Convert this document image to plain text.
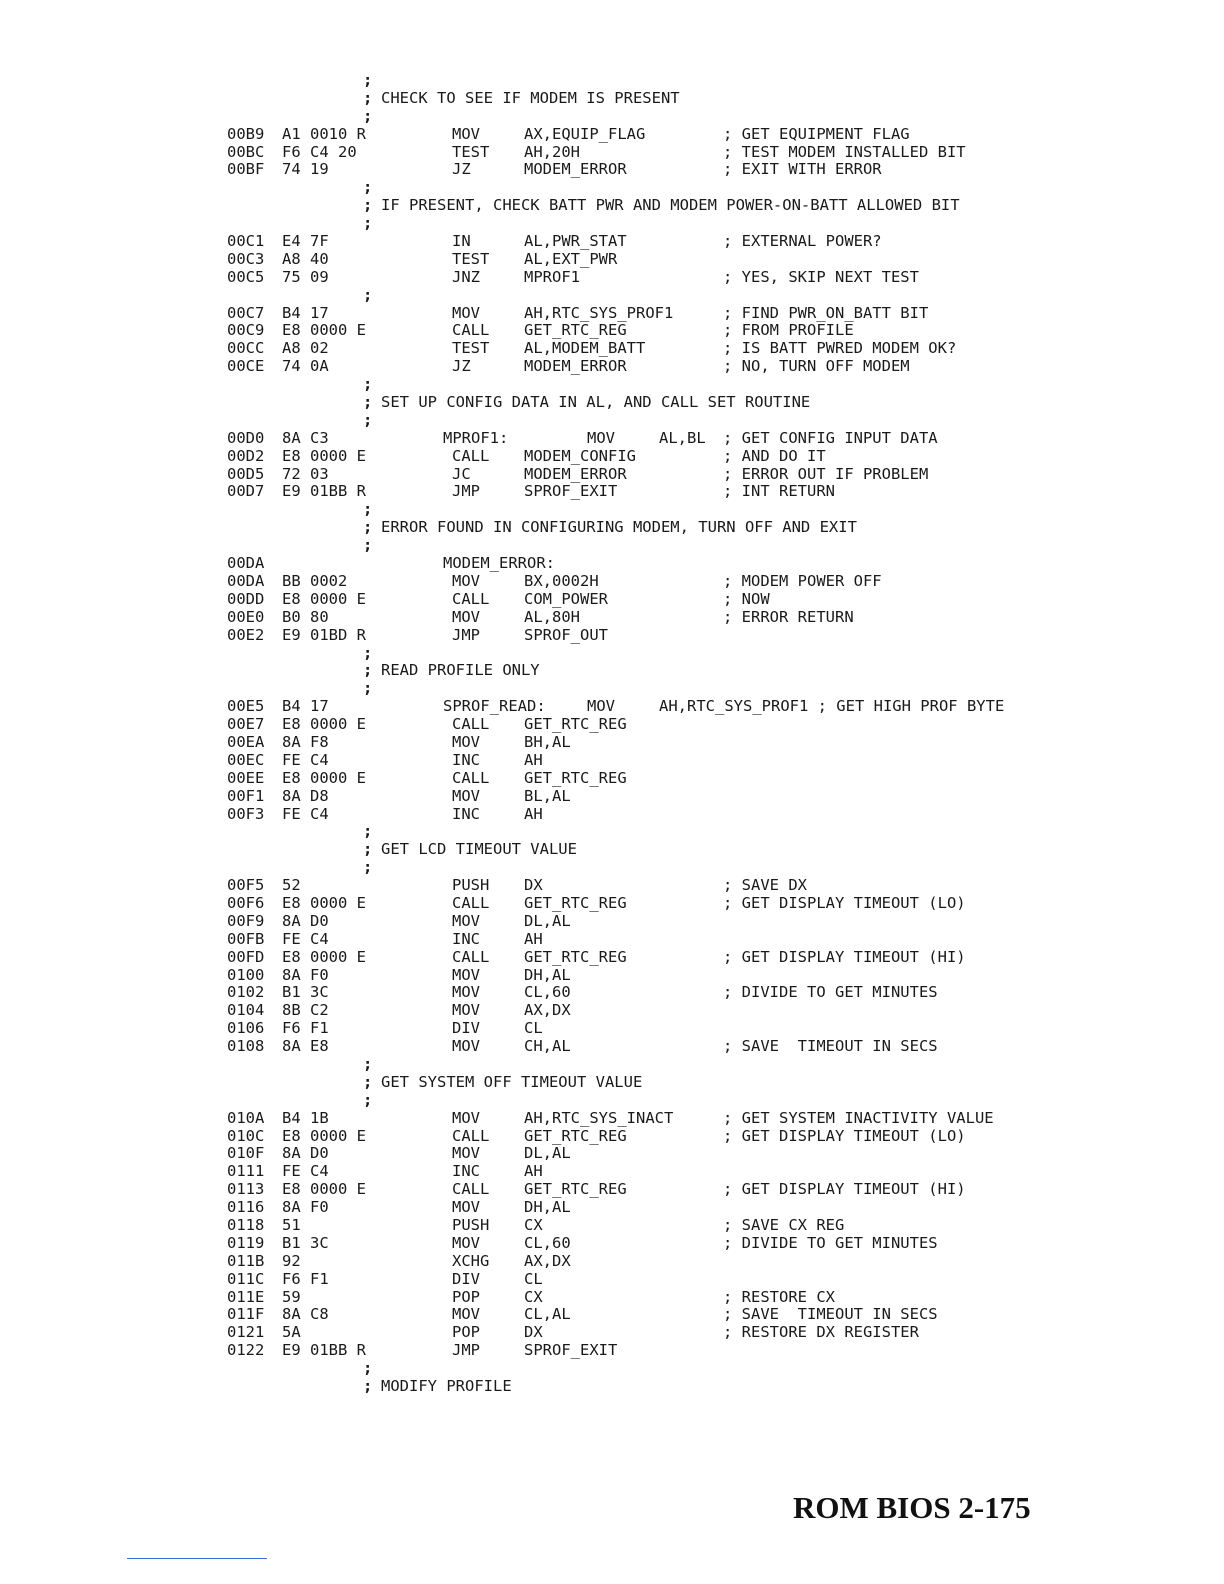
;
; CHECK TO SEE IF MODEM IS PRESENT
;
00B9 A1 0010 R	MOV	AX,EQUIP_FLAG	; GET EQUIPMENT FLAG
00BC F6 C4 20	TEST AH,20H	; TEST MODEM INSTALLED BIT
00BF 74 19	JZ	MODEM_ERROR	; EXIT WITH ERROR
;
; IF PRESENT, CHECK BATT PWR AND MODEM POWER-ON-BATT ALLOWED BIT
;
00C1 E4 7F	IN	AL,PWR_STAT	; EXTERNAL POWER?
00C3 A8 40	TEST AL,EXT_PWR
00C5 75 09	JNZ	MPROF1	; YES, SKIP NEXT TEST
;
00C7 B4 17	MOV	AH,RTC_SYS_PROF1	; FIND PWR_ON_BATT BIT
00C9 E8 0000 E	CALL GET_RTC_REG	; FROM PROFILE
00CC A8 02	TEST AL,MODEM_BATT	; IS BATT PWRED MODEM OK?
00CE 74 0A	JZ	MODEM_ERROR	; NO, TURN OFF MODEM
;
; SET UP CONFIG DATA IN AL, AND CALL SET ROUTINE
;
00D0 8A C3	MPROF1:	MOV	AL,BL ; GET CONFIG INPUT DATA
00D2 E8 0000 E	CALL MODEM_CONFIG	; AND DO IT
00D5 72 03	JC	MODEM_ERROR	; ERROR OUT IF PROBLEM
00D7 E9 01BB R	JMP	SPROF_EXIT	; INT RETURN
;
; ERROR FOUND IN CONFIGURING MODEM, TURN OFF AND EXIT
;
00DA	MODEM_ERROR:
00DA BB 0002	MOV	BX,0002H	; MODEM POWER OFF
00DD E8 0000 E	CALL COM_POWER	; NOW
00E0 B0 80	MOV	AL,80H	; ERROR RETURN
00E2 E9 01BD R	JMP	SPROF_OUT
;
; READ PROFILE ONLY
;
00E5 B4 17	SPROF_READ:	MOV	AH,RTC_SYS_PROF1 ; GET HIGH PROF BYTE
00E7 E8 0000 E	CALL GET_RTC_REG
00EA 8A F8	MOV	BH,AL
00EC FE C4	INC	AH
00EE E8 0000 E	CALL GET_RTC_REG
00F1 8A D8	MOV	BL,AL
00F3 FE C4	INC	AH
;
; GET LCD TIMEOUT VALUE
;
00F5 52	PUSH DX	; SAVE DX
00F6 E8 0000 E	CALL GET_RTC_REG	; GET DISPLAY TIMEOUT (LO)
00F9 8A D0	MOV	DL,AL
00FB FE C4	INC	AH
00FD E8 0000 E	CALL GET_RTC_REG	; GET DISPLAY TIMEOUT (HI)
0100 8A F0	MOV	DH,AL
0102 B1 3C	MOV	CL,60	; DIVIDE TO GET MINUTES
0104 8B C2	MOV	AX,DX
0106 F6 F1	DIV	CL
0108 8A E8	MOV	CH,AL	; SAVE  TIMEOUT IN SECS
;
; GET SYSTEM OFF TIMEOUT VALUE
;
010A B4 1B	MOV	AH,RTC_SYS_INACT	; GET SYSTEM INACTIVITY VALUE
010C E8 0000 E	CALL GET_RTC_REG	; GET DISPLAY TIMEOUT (LO)
010F 8A D0	MOV	DL,AL
0111 FE C4	INC	AH
0113 E8 0000 E	CALL GET_RTC_REG	; GET DISPLAY TIMEOUT (HI)
0116 8A F0	MOV	DH,AL
0118 51	PUSH CX	; SAVE CX REG
0119 B1 3C	MOV	CL,60	; DIVIDE TO GET MINUTES
011B 92	XCHG AX,DX
011C F6 F1	DIV	CL
011E 59	POP	CX	; RESTORE CX
011F 8A C8	MOV	CL,AL	; SAVE  TIMEOUT IN SECS
0121 5A	POP	DX	; RESTORE DX REGISTER
0122 E9 01BB R	JMP	SPROF_EXIT
;
; MODIFY PROFILE
ROM BIOS 2-175
